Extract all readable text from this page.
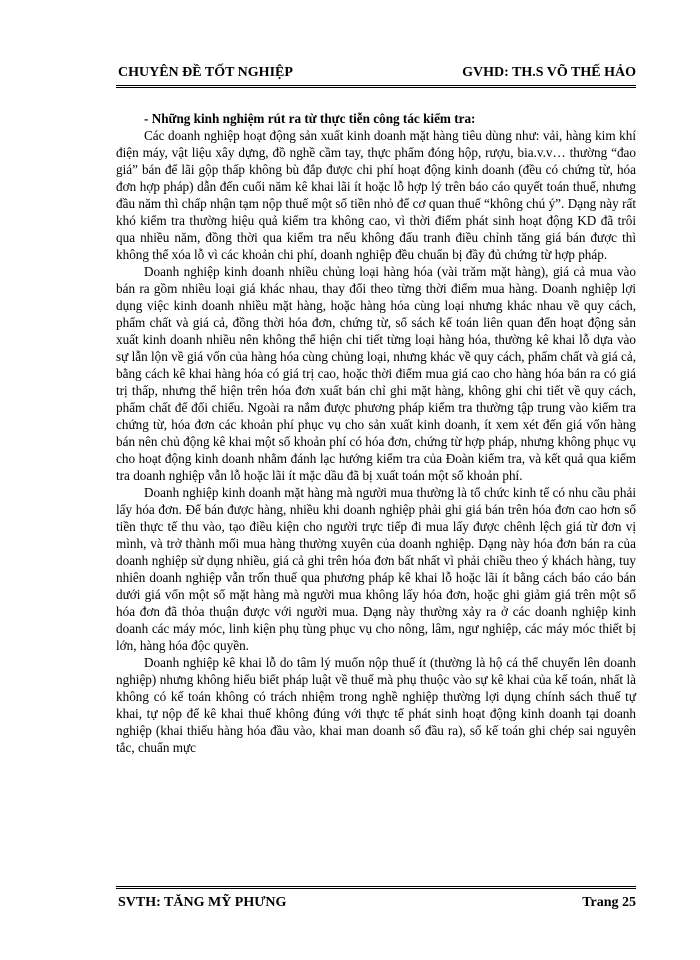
CHUYÊN ĐỀ TỐT NGHIỆP	GVHD: TH.S VÕ THẾ HẢO

- Những kinh nghiệm rút ra từ thực tiễn công tác kiểm tra:

Các doanh nghiệp hoạt động sản xuất kinh doanh mặt hàng tiêu dùng như: vải, hàng kim khí điện máy, vật liệu xây dựng, đồ nghề cầm tay, thực phẩm đóng hộp, rượu, bia.v.v… thường “đao giá” bán để lãi gộp thấp không bù đắp được chi phí hoạt động kinh doanh (đều có chứng từ, hóa đơn hợp pháp) dẫn đến cuối năm kê khai lãi ít hoặc lỗ hợp lý trên báo cáo quyết toán thuế, nhưng đầu năm thì chấp nhận tạm nộp thuế một số tiền nhỏ để cơ quan thuế “không chú ý”. Dạng này rất khó kiểm tra thường hiệu quả kiểm tra không cao, vì thời điểm phát sinh hoạt động KD đã trôi qua nhiều năm, đồng thời qua kiểm tra nếu không đấu tranh điều chỉnh tăng giá bán được thì không thể xóa lỗ vì các khoản chi phí, doanh nghiệp đều chuẩn bị đầy đủ chứng từ hợp pháp.

Doanh nghiệp kinh doanh nhiều chủng loại hàng hóa (vài trăm mặt hàng), giá cả mua vào bán ra gồm nhiều loại giá khác nhau, thay đổi theo từng thời điểm mua hàng. Doanh nghiệp lợi dụng việc kinh doanh nhiều mặt hàng, hoặc hàng hóa cùng loại nhưng khác nhau về quy cách, phẩm chất và giá cả, đồng thời hóa đơn, chứng từ, sổ sách kế toán liên quan đến hoạt động sản xuất kinh doanh nhiều nên không thể hiện chi tiết từng loại hàng hóa, thường kê khai lỗ dựa vào sự lẫn lộn về giá vốn của hàng hóa cùng chủng loại, nhưng khác về quy cách, phẩm chất và giá cả, bằng cách kê khai hàng hóa có giá trị cao, hoặc thời điểm mua giá cao cho hàng hóa bán ra có giá trị thấp, nhưng thể hiện trên hóa đơn xuất bán chỉ ghi mặt hàng, không ghi chi tiết về quy cách, phẩm chất để đối chiếu. Ngoài ra nắm được phương pháp kiểm tra thường tập trung vào kiểm tra chứng từ, hóa đơn các khoản phí phục vụ cho sản xuất kinh doanh, ít xem xét đến giá vốn hàng bán nên chủ động kê khai một số khoản phí có hóa đơn, chứng từ hợp pháp, nhưng không phục vụ cho hoạt động kinh doanh nhằm đánh lạc hướng kiểm tra của Đoàn kiểm tra, và kết quả qua kiểm tra doanh nghiệp vẫn lỗ hoặc lãi ít mặc dầu đã bị xuất toán một số khoản phí.

Doanh nghiệp kinh doanh mặt hàng mà người mua thường là tổ chức kinh tế có nhu cầu phải lấy hóa đơn. Để bán được hàng, nhiều khi doanh nghiệp phải ghi giá bán trên hóa đơn cao hơn số tiền thực tế thu vào, tạo điều kiện cho người trực tiếp đi mua lấy được chênh lệch giá từ đơn vị mình, và trở thành mối mua hàng thường xuyên của doanh nghiệp. Dạng này hóa đơn bán ra của doanh nghiệp sử dụng nhiều, giá cả ghi trên hóa đơn bất nhất vì phải chiều theo ý khách hàng, tuy nhiên doanh nghiệp vẫn trốn thuế qua phương pháp kê khai lỗ hoặc lãi ít bằng cách báo cáo bán dưới giá vốn một số mặt hàng mà người mua không lấy hóa đơn, hoặc ghi giảm giá trên một số hóa đơn đã thỏa thuận được với người mua. Dạng này thường xảy ra ở các doanh nghiệp kinh doanh các máy móc, linh kiện phụ tùng phục vụ cho nông, lâm, ngư nghiệp, các máy móc thiết bị lớn, hàng hóa độc quyền.

Doanh nghiệp kê khai lỗ do tâm lý muốn nộp thuế ít (thường là hộ cá thể chuyển lên doanh nghiệp) nhưng không hiểu biết pháp luật về thuế mà phụ thuộc vào sự kê khai của kế toán, nhất là không có kế toán không có trách nhiệm trong nghề nghiệp thường lợi dụng chính sách thuế tự khai, tự nộp để kê khai thuế không đúng với thực tế phát sinh hoạt động kinh doanh tại doanh nghiệp (khai thiếu hàng hóa đầu vào, khai man doanh số đầu ra), sổ kế toán ghi chép sai nguyên tắc, chuẩn mực

SVTH: TĂNG MỸ PHƯNG	Trang 25
